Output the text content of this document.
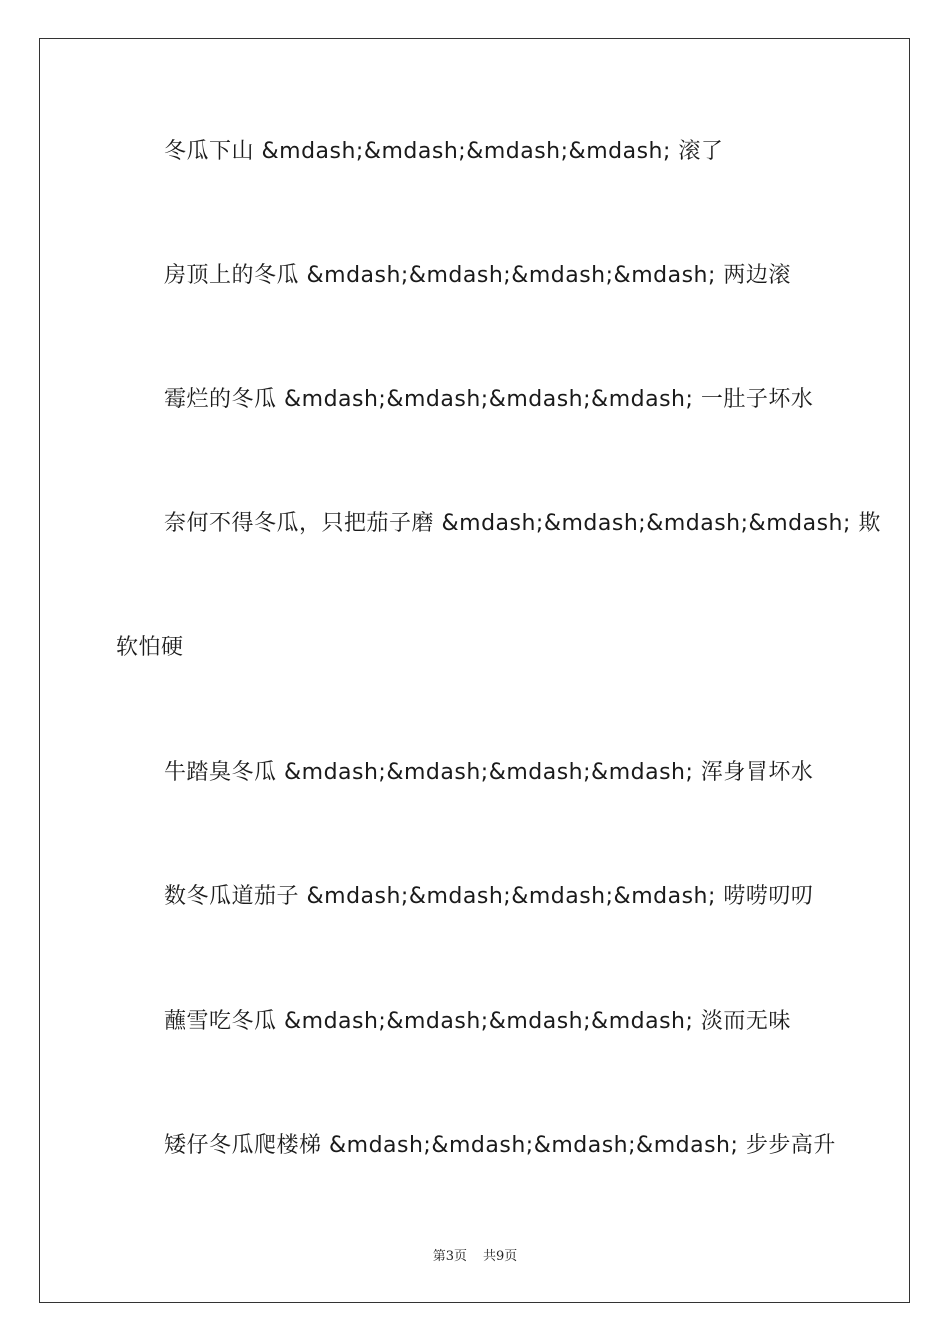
冬瓜下山 &mdash;&mdash;&mdash;&mdash; 滚了
房顶上的冬瓜 &mdash;&mdash;&mdash;&mdash; 两边滚
霉烂的冬瓜 &mdash;&mdash;&mdash;&mdash; 一肚子坏水
奈何不得冬瓜，只把茄子磨 &mdash;&mdash;&mdash;&mdash; 欺
软怕硬
牛踏臭冬瓜 &mdash;&mdash;&mdash;&mdash; 浑身冒坏水
数冬瓜道茄子 &mdash;&mdash;&mdash;&mdash; 唠唠叨叨
蘸雪吃冬瓜 &mdash;&mdash;&mdash;&mdash; 淡而无味
矮仔冬瓜爬楼梯 &mdash;&mdash;&mdash;&mdash; 步步高升
第3页 共9页
